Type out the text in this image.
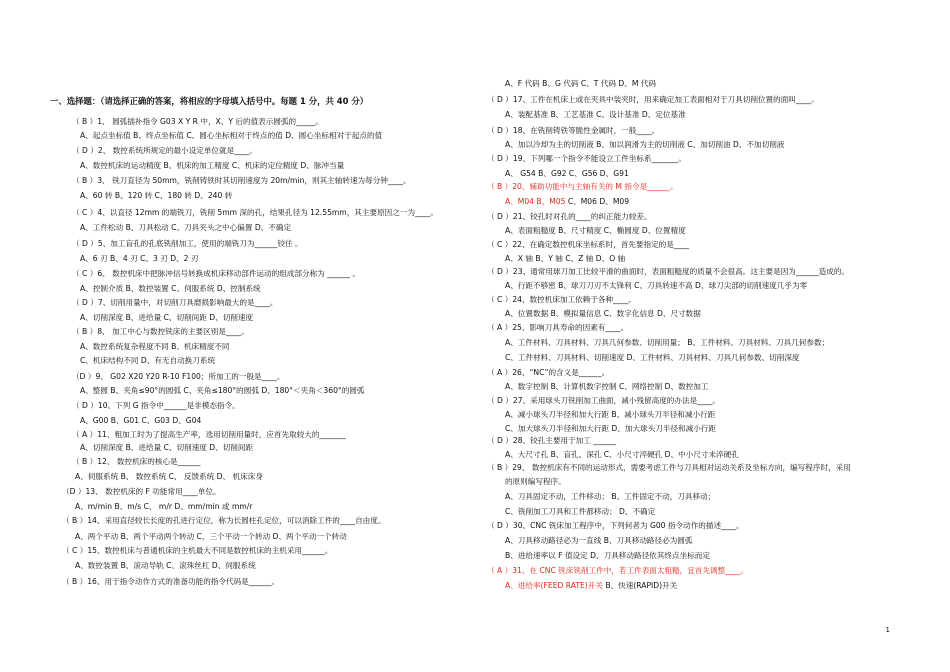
一、选择题：（请选择正确的答案，将相应的字母填入括号中。每题 1 分，共 40 分）
（ B ）1、 圆弧插补指令 G03 X Y R 中，X、Y 后的值表示圆弧的_____。
A、起点坐标值 B、终点坐标值 C、圆心坐标相对于终点的值 D、圆心坐标相对于起点的值
（ D ）2、 数控系统所规定的最小设定单位就是____。
A、数控机床的运动精度 B、机床的加工精度 C、机床的定位精度 D、脉冲当量
（ B ）3、 铣刀直径为 50mm，铣削铸铁时其切削速度为 20m/min，则其主轴转速为每分钟____。
A、60 转 B、120 转 C、180 转 D、240 转
（ C ）4、以直径 12mm 的端铣刀，铣削 5mm 深的孔，结果孔径为 12.55mm，其主要原因之一为____。
A、工件松动 B、刀具松动 C、刀具夹头之中心偏置 D、不确定
（ D ）5、加工盲孔的孔底铣削加工，使用的端铣刀为______铰往 。
A、6 刃 B、4 刃 C、3 刃 D、2 刃
（ C ）6、 数控机床中把脉冲信号转换成机床移动部件运动的组成部分称为 ______ 。
A、控制介质 B、数控装置 C、伺服系统 D、控制系统
（ D ）7、切削用量中，对切削刀具磨损影响最大的是____。
A、切削深度 B、进给量 C、切削间距 D、切削速度
（ B ）8、 加工中心与数控铣床的主要区别是____。
A、数控系统复杂程度不同 B、机床精度不同
C、机床结构不同 D、有无自动换刀系统
（D ）9、 G02 X20 Y20 R-10 F100；所加工的一般是____。
A、整圆 B、夹角≤90°的圆弧 C、夹角≤180°的圆弧 D、180°＜夹角＜360°的圆弧
（ D ）10、下列 G 指令中______是非模态指令。
A、G00 B、G01 C、G03 D、G04
（ A ）11、粗加工时为了提高生产率，选用切削用量时，应首先取较大的_______
A、切削深度 B、进给量 C、切削速度 D、切削间距
（ B ）12、 数控机床的核心是______
A、伺服系统 B、 数控系统 C、 反馈系统 D、 机床床身
（D ）13、 数控机床的 F 功能常用____单位。
A、m/min B、m/s C、 m/r D、mm/min 或 mm/r
（ B ）14、采用直径较长长度的孔进行定位，称为长圆柱孔定位，可以消除工件的____自由度。
A、两个平动 B、两个平动两个转动 C、三个平动一个转动 D、两个平动一个转动
（ C ）15、数控机床与普通机床的主机最大不同是数控机床的主机采用______。
A、数控装置 B、滚动导轨 C、滚珠丝杠 D、伺服系统
（ B ）16、用于指令动作方式的准备功能的指令代码是______。
A、F 代码 B、G 代码 C、T 代码 D、M 代码
（ D ）17、工件在机床上或在夹具中装夹时，用来确定加工表面相对于刀具切削位置的面叫____。
A、装配基准 B、工艺基准 C、设计基准 D、定位基准
（ D ）18、在铣削铸铁等脆性金属时，一般____。
A、加以冷却为主的切削液 B、加以润滑为主的切削液 C、加切削油 D、不加切削液
（ D ）19、下列哪一个指令不能设立工件坐标系_______。
A、 G54 B、G92 C、G56 D、G91
（ B ）20、辅助功能中与主轴有关的 M 指令是______。
A、M04 B、M05 C、M06 D、M09
（ D ）21、铰孔时对孔的____的纠正能力较差。
A、表面粗糙度 B、尺寸精度 C、椭圆度 D、位置精度
（ C ）22、在确定数控机床坐标系时，首先要指定的是____
A、X 轴 B、Y 轴 C、Z 轴 D、O 轴
（ D ）23、通常用球刀加工比较平滑的曲面时，表面粗糙度的质量不会很高。这主要是因为______造成的。
A、行距不够密 B、球刀刀刃不太锋利 C、刀具转速不高 D、球刀尖部的切削速度几乎为零
（ C ）24、数控机床加工依赖于各种____。
A、位置数据 B、模拟量信息 C、数字化信息 D、尺寸数据
（ A ）25、影响刀具寿命的因素有____。
A、工件材料、刀具材料、刀具几何参数、切削用量； B、工件材料、刀具材料、刀具几何参数；
C、工件材料、刀具材料、切削速度 D、工件材料、刀具材料、刀具几何参数、切削深度
（ A ）26、“NC”的含义是______。
A、数字控制 B、计算机数字控制 C、网络控制 D、数控加工
（ D ）27、采用球头刀铣削加工曲面，减小残留高度的办法是____。
A、减小球头刀半径和加大行距 B、减小球头刀半径和减小行距
C、加大球头刀半径和加大行距 D、加大球头刀半径和减小行距
（ D ）28、铰孔主要用于加工 ______
A、大尺寸孔 B、盲孔、深孔 C、小尺寸淬硬孔 D、中小尺寸未淬硬孔
（ B ）29、 数控机床有不同的运动形式，需要考虑工件与刀具相对运动关系及坐标方向，编写程序时，采用
的原则编写程序。
A、刀具固定不动，工件移动； B、工件固定不动，刀具移动；
C、铣削加工刀具和工件都移动； D、不确定
（ D ）30、CNC 铣床加工程序中，下列何者为 G00 指令动作的描述____。
A、刀具移动路径必为一直线 B、刀具移动路径必为圆弧
B、进给速率以 F 值设定 D、刀具移动路径依其终点坐标而定
（ A ）31、在 CNC 铣床铣削工件中，若工件表面太粗糙，宜首先调整____。
A、进给率(FEED RATE)开关 B、快速(RAPID)开关
1
